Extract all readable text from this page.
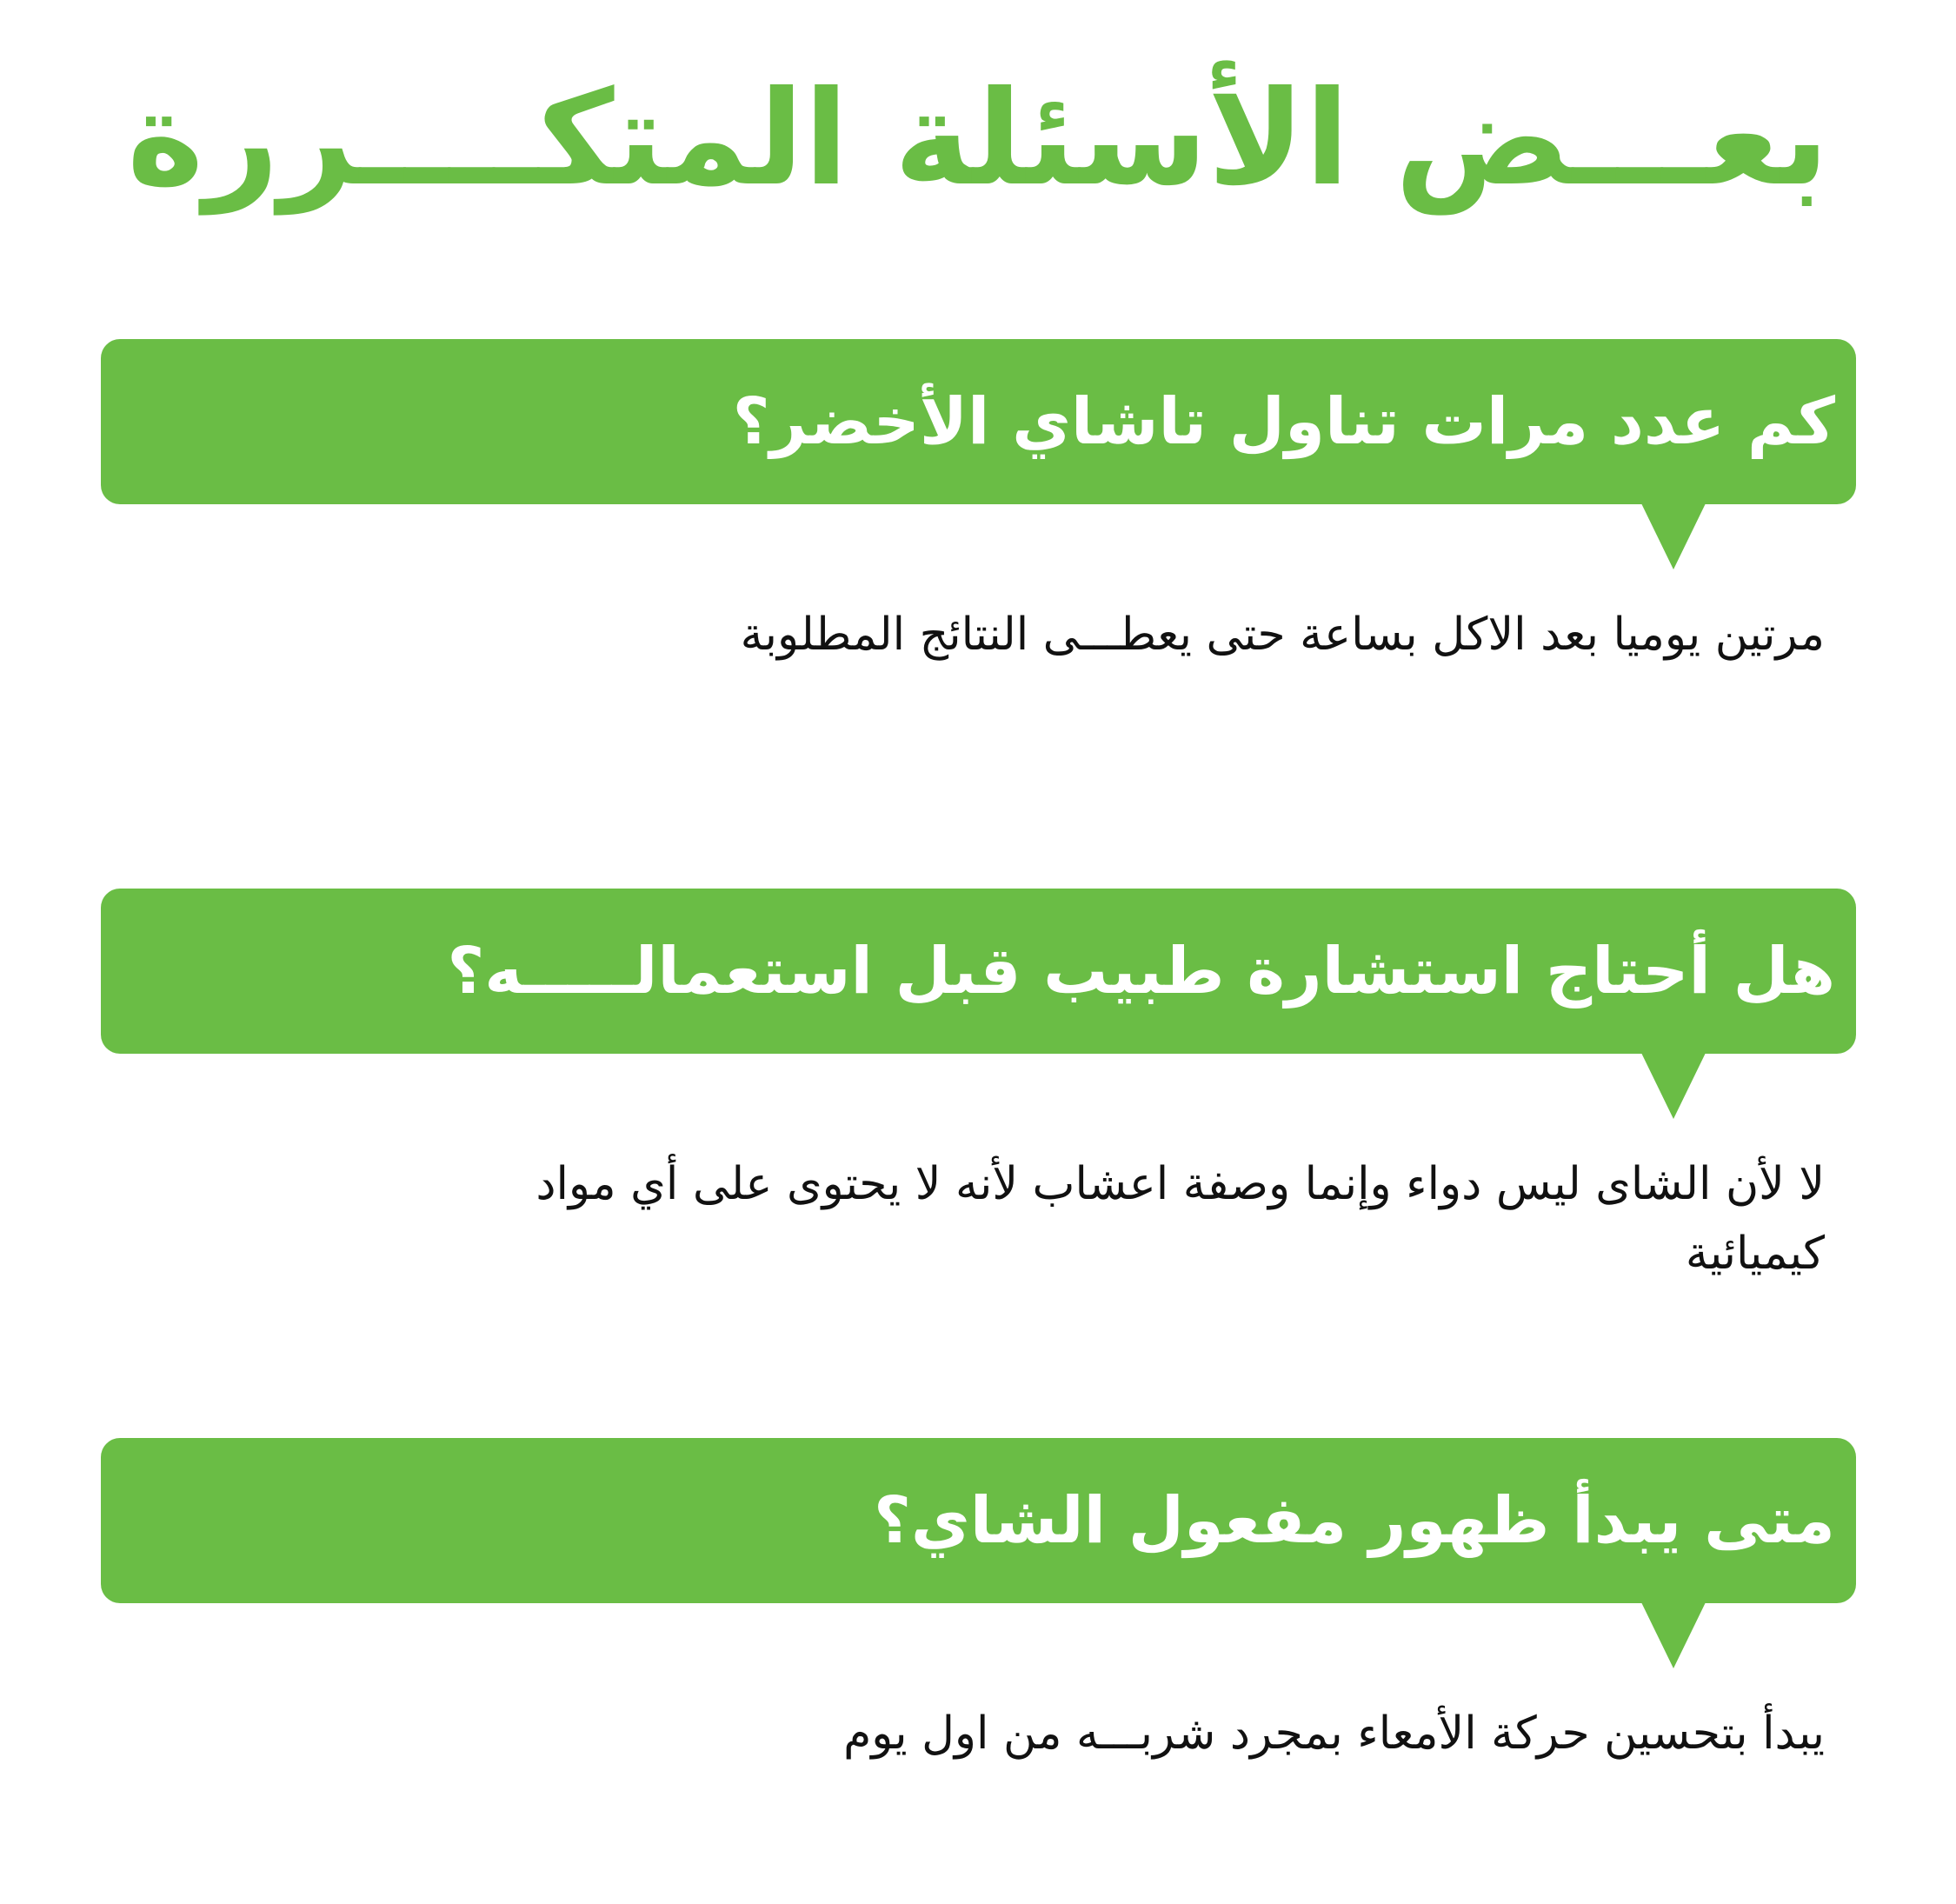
بعـــض الأسئلة المتكــــررة
كم عدد مرات تناول تاشاي الأخضر؟
مرتين يوميا بعد الاكل بساعة حتى يعطـــى النتائج المطلوبة
هل أحتاج استشارة طبيب قبل استعمالـــــه؟
لا لأن الشاى ليس دواء وإنما وصفة اعشاب لأنه لا يحتوى على أي مواد كيميائية
متى يبدأ ظهور مفعول الشاي؟
يبدأ بتحسين حركة الأمعاء بمجرد شربـــه من اول يوم
